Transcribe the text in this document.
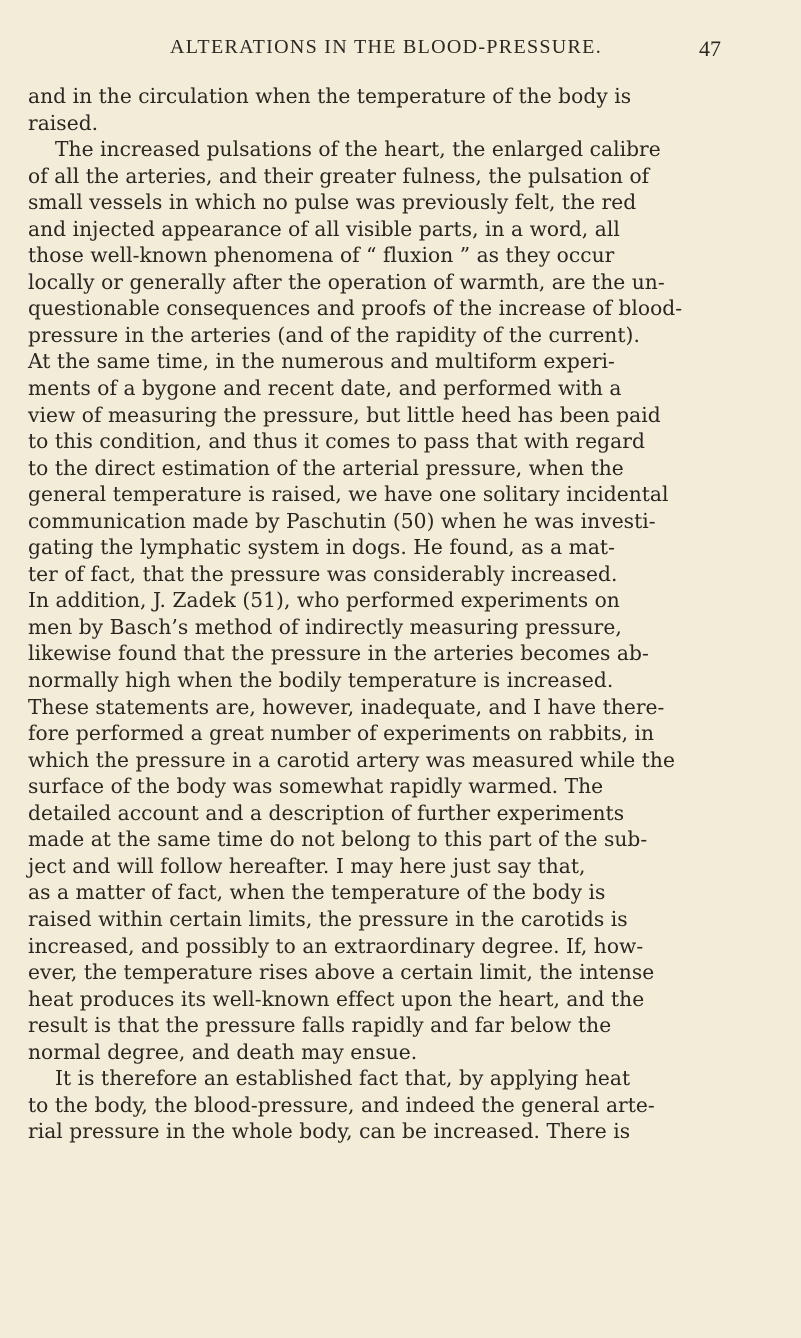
ALTERATIONS IN THE BLOOD-PRESSURE.	47
and in the circulation when the temperature of the body is
raised.
The increased pulsations of the heart, the enlarged calibre
of all the arteries, and their greater fulness, the pulsation of
small vessels in which no pulse was previously felt, the red
and injected appearance of all visible parts, in a word, all
those well-known phenomena of “ fluxion ” as they occur
locally or generally after the operation of warmth, are the un-
questionable consequences and proofs of the increase of blood-
pressure in the arteries (and of the rapidity of the current).
At the same time, in the numerous and multiform experi-
ments of a bygone and recent date, and performed with a
view of measuring the pressure, but little heed has been paid
to this condition, and thus it comes to pass that with regard
to the direct estimation of the arterial pressure, when the
general temperature is raised, we have one solitary incidental
communication made by Paschutin (50) when he was investi-
gating the lymphatic system in dogs. He found, as a mat-
ter of fact, that the pressure was considerably increased.
In addition, J. Zadek (51), who performed experiments on
men by Basch’s method of indirectly measuring pressure,
likewise found that the pressure in the arteries becomes ab-
normally high when the bodily temperature is increased.
These statements are, however, inadequate, and I have there-
fore performed a great number of experiments on rabbits, in
which the pressure in a carotid artery was measured while the
surface of the body was somewhat rapidly warmed. The
detailed account and a description of further experiments
made at the same time do not belong to this part of the sub-
ject and will follow hereafter. I may here just say that,
as a matter of fact, when the temperature of the body is
raised within certain limits, the pressure in the carotids is
increased, and possibly to an extraordinary degree. If, how-
ever, the temperature rises above a certain limit, the intense
heat produces its well-known effect upon the heart, and the
result is that the pressure falls rapidly and far below the
normal degree, and death may ensue.
It is therefore an established fact that, by applying heat
to the body, the blood-pressure, and indeed the general arte-
rial pressure in the whole body, can be increased. There is
